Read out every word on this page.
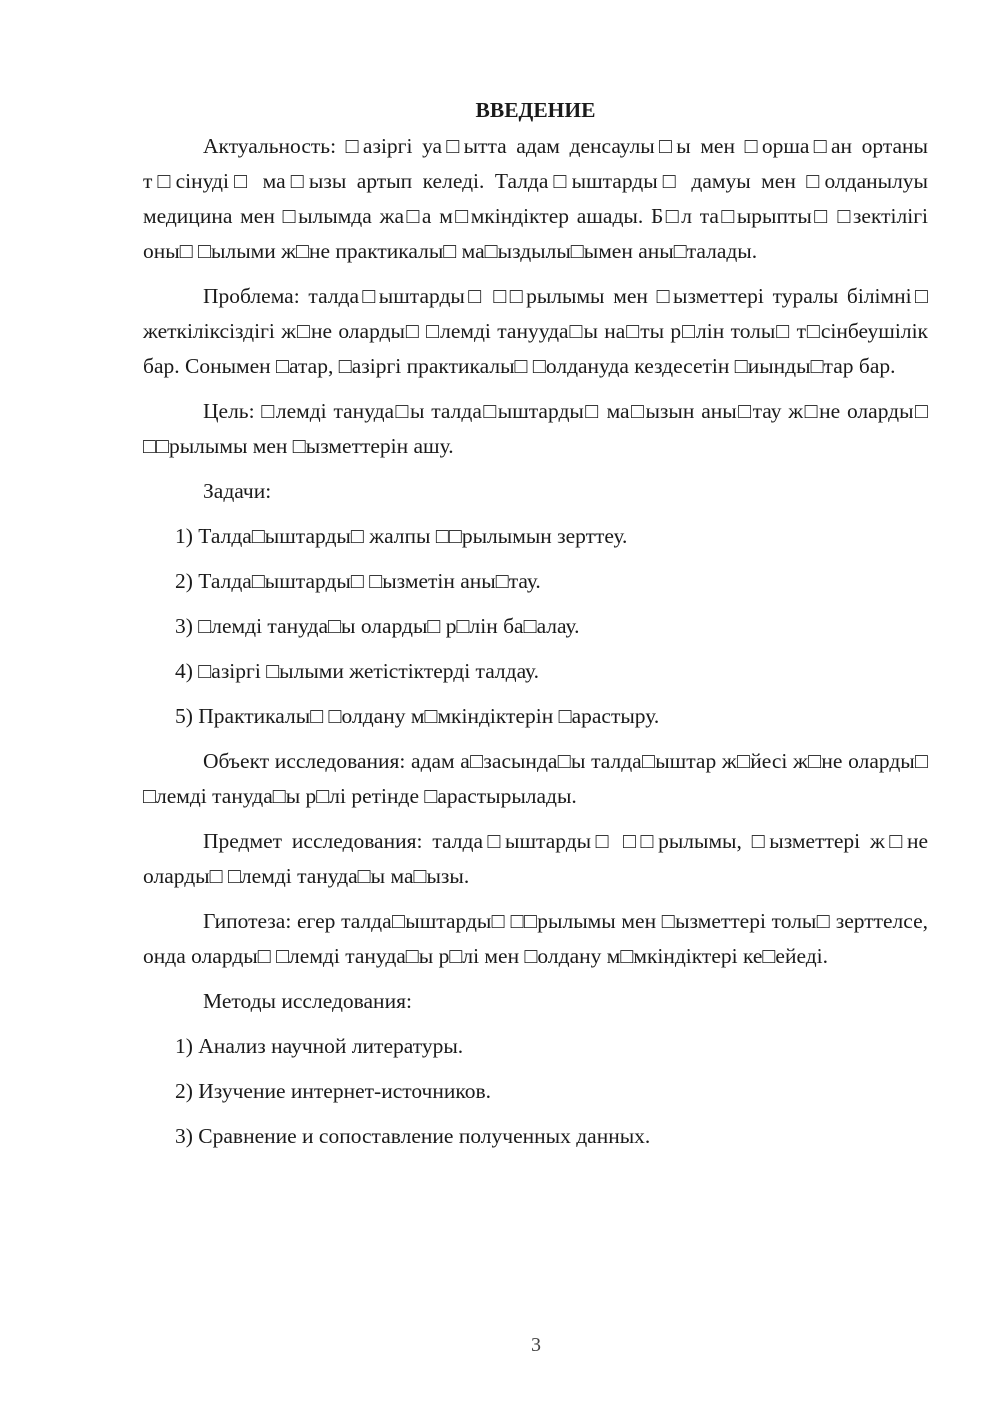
ВВЕДЕНИЕ

Актуальность: □азіргі уа□ытта адам денсаулы□ы мен □орша□ан ортаны т□сінуді□ ма□ызы артып келеді. Талда□ыштарды□ дамуы мен □олданылуы медицина мен □ылымда жа□а м□мкіндіктер ашады. Б□л та□ырыпты□ □зектілігі оны□ □ылыми ж□не практикалы□ ма□ыздылы□ымен аны□талады.

Проблема: талда□ыштарды□ □□рылымы мен □ызметтері туралы білімні□ жеткіліксіздігі ж□не оларды□ □лемді танууда□ы на□ты р□лін толы□ т□сінбеушілік бар. Сонымен □атар, □азіргі практикалы□ □олдануда кездесетін □иынды□тар бар.

Цель: □лемді тануда□ы талда□ыштарды□ ма□ызын аны□тау ж□не оларды□ □□рылымы мен □ызметтерін ашу.

Задачи:

1) Талда□ыштарды□ жалпы □□рылымын зерттеу.

2) Талда□ыштарды□ □ызметін аны□тау.

3) □лемді тануда□ы оларды□ р□лін ба□алау.

4) □азіргі □ылыми жетістіктерді талдау.

5) Практикалы□ □олдану м□мкіндіктерін □арастыру.

Объект исследования: адам а□засында□ы талда□ыштар ж□йесі ж□не оларды□ □лемді тануда□ы р□лі ретінде □арастырылады.

Предмет исследования: талда□ыштарды□ □□рылымы, □ызметтері ж□не оларды□ □лемді тануда□ы ма□ызы.

Гипотеза: егер талда□ыштарды□ □□рылымы мен □ызметтері толы□ зерттелсе, онда оларды□ □лемді тануда□ы р□лі мен □олдану м□мкіндіктері ке□ейеді.

Методы исследования:

1) Анализ научной литературы.

2) Изучение интернет-источников.

3) Сравнение и сопоставление полученных данных.

3
